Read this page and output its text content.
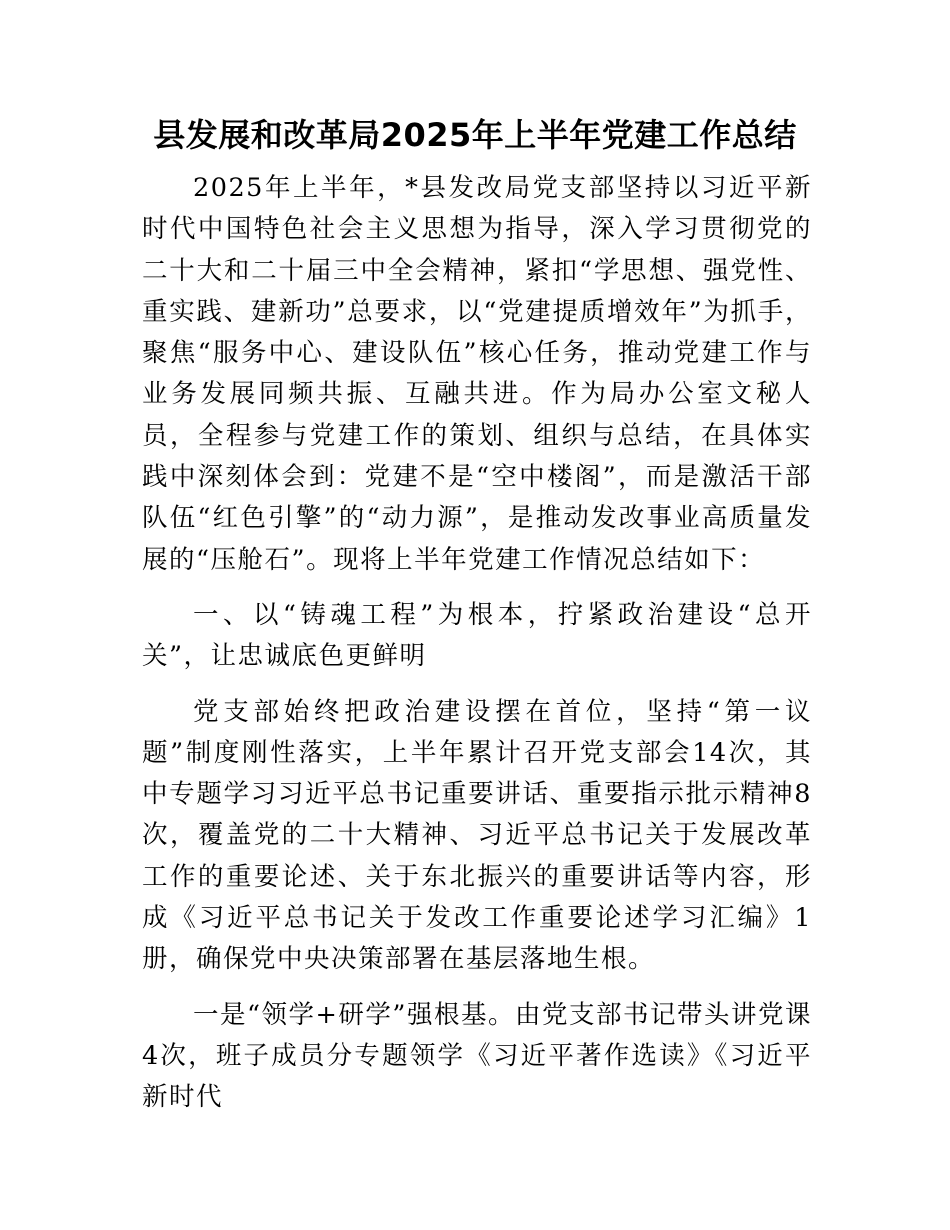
县发展和改革局2025年上半年党建工作总结

2025年上半年，*县发改局党支部坚持以习近平新时代中国特色社会主义思想为指导，深入学习贯彻党的二十大和二十届三中全会精神，紧扣“学思想、强党性、重实践、建新功”总要求，以“党建提质增效年”为抓手，聚焦“服务中心、建设队伍”核心任务，推动党建工作与业务发展同频共振、互融共进。作为局办公室文秘人员，全程参与党建工作的策划、组织与总结，在具体实践中深刻体会到：党建不是“空中楼阁”，而是激活干部队伍“红色引擎”的“动力源”，是推动发改事业高质量发展的“压舱石”。现将上半年党建工作情况总结如下：

一、以“铸魂工程”为根本，拧紧政治建设“总开关”，让忠诚底色更鲜明

党支部始终把政治建设摆在首位，坚持“第一议题”制度刚性落实，上半年累计召开党支部会14次，其中专题学习习近平总书记重要讲话、重要指示批示精神8次，覆盖党的二十大精神、习近平总书记关于发展改革工作的重要论述、关于东北振兴的重要讲话等内容，形成《习近平总书记关于发改工作重要论述学习汇编》1册，确保党中央决策部署在基层落地生根。

一是“领学+研学”强根基。由党支部书记带头讲党课4次，班子成员分专题领学《习近平著作选读》《习近平新时代
